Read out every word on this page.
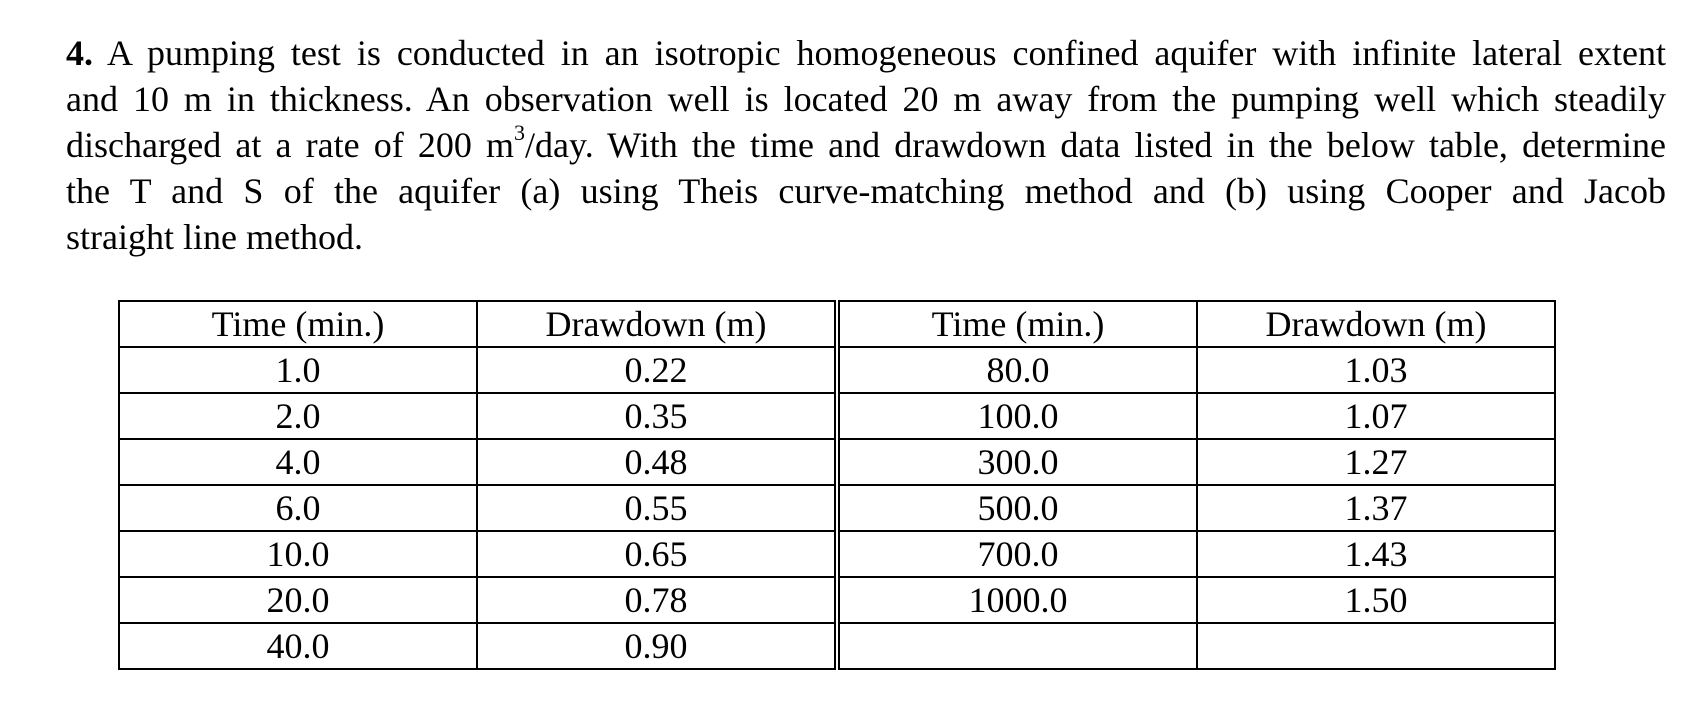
4. A pumping test is conducted in an isotropic homogeneous confined aquifer with infinite lateral extent
and 10 m in thickness. An observation well is located 20 m away from the pumping well which steadily
discharged at a rate of 200 $m^3$/day. With the time and drawdown data listed in the below table, determine
the T and S of the aquifer (a) using Theis curve-matching method and (b) using Cooper and Jacob
straight line method.
Time (min.)	Drawdown (m)	Time (min.)	Drawdown (m)
1.0	0.22	80.0	1.03
2.0	0.35	100.0	1.07
4.0	0.48	300.0	1.27
6.0	0.55	500.0	1.37
10.0	0.65	700.0	1.43
20.0	0.78	1000.0	1.50
40.0	0.90		
